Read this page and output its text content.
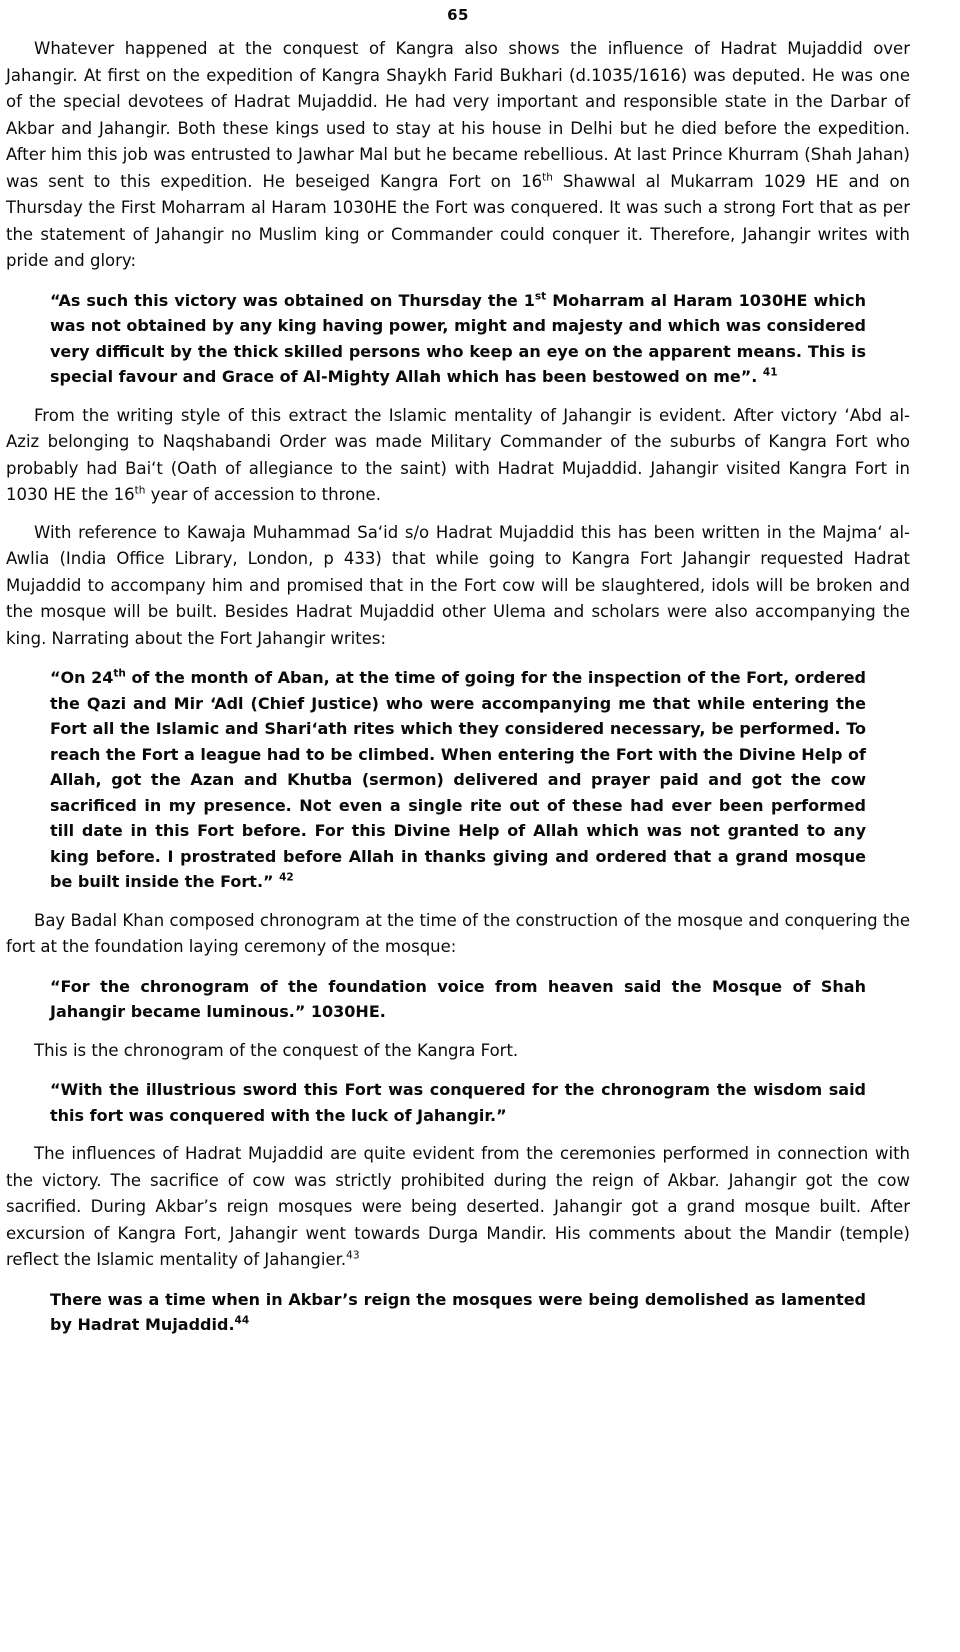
65

Whatever happened at the conquest of Kangra also shows the influence of Hadrat Mujaddid over Jahangir. At first on the expedition of Kangra Shaykh Farid Bukhari (d.1035/1616) was deputed. He was one of the special devotees of Hadrat Mujaddid. He had very important and responsible state in the Darbar of Akbar and Jahangir. Both these kings used to stay at his house in Delhi but he died before the expedition. After him this job was entrusted to Jawhar Mal but he became rebellious. At last Prince Khurram (Shah Jahan) was sent to this expedition. He beseiged Kangra Fort on 16th Shawwal al Mukarram 1029 HE and on Thursday the First Moharram al Haram 1030HE the Fort was conquered. It was such a strong Fort that as per the statement of Jahangir no Muslim king or Commander could conquer it. Therefore, Jahangir writes with pride and glory:

“As such this victory was obtained on Thursday the 1st Moharram al Haram 1030HE which was not obtained by any king having power, might and majesty and which was considered very difficult by the thick skilled persons who keep an eye on the apparent means. This is special favour and Grace of Al-Mighty Allah which has been bestowed on me”. $^{41}$

From the writing style of this extract the Islamic mentality of Jahangir is evident. After victory ‘Abd al- Aziz belonging to Naqshabandi Order was made Military Commander of the suburbs of Kangra Fort who probably had Bai‘t (Oath of allegiance to the saint) with Hadrat Mujaddid. Jahangir visited Kangra Fort in 1030 HE the 16th year of accession to throne.

With reference to Kawaja Muhammad Sa‘id s/o Hadrat Mujaddid this has been written in the Majma‘ al-Awlia (India Office Library, London, p 433) that while going to Kangra Fort Jahangir requested Hadrat Mujaddid to accompany him and promised that in the Fort cow will be slaughtered, idols will be broken and the mosque will be built. Besides Hadrat Mujaddid other Ulema and scholars were also accompanying the king. Narrating about the Fort Jahangir writes:

“On 24th of the month of Aban, at the time of going for the inspection of the Fort, ordered the Qazi and Mir ‘Adl (Chief Justice) who were accompanying me that while entering the Fort all the Islamic and Shari‘ath rites which they considered necessary, be performed. To reach the Fort a league had to be climbed. When entering the Fort with the Divine Help of Allah, got the Azan and Khutba (sermon) delivered and prayer paid and got the cow sacrificed in my presence. Not even a single rite out of these had ever been performed till date in this Fort before. For this Divine Help of Allah which was not granted to any king before. I prostrated before Allah in thanks giving and ordered that a grand mosque be built inside the Fort.” $^{42}$

Bay Badal Khan composed chronogram at the time of the construction of the mosque and conquering the fort at the foundation laying ceremony of the mosque:

“For the chronogram of the foundation voice from heaven said the Mosque of Shah Jahangir became luminous.” 1030HE.

This is the chronogram of the conquest of the Kangra Fort.

“With the illustrious sword this Fort was conquered for the chronogram the wisdom said this fort was conquered with the luck of Jahangir.”

The influences of Hadrat Mujaddid are quite evident from the ceremonies performed in connection with the victory. The sacrifice of cow was strictly prohibited during the reign of Akbar. Jahangir got the cow sacrified. During Akbar’s reign mosques were being deserted. Jahangir got a grand mosque built. After excursion of Kangra Fort, Jahangir went towards Durga Mandir. His comments about the Mandir (temple) reflect the Islamic mentality of Jahangier.$^{43}$

There was a time when in Akbar’s reign the mosques were being demolished as lamented by Hadrat Mujaddid.$^{44}$
